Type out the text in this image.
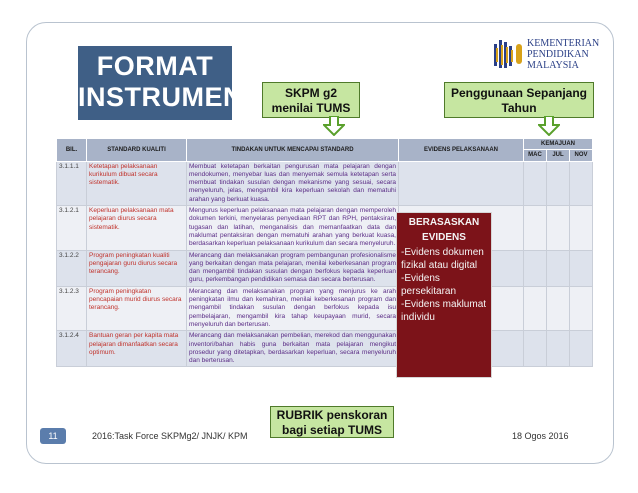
FORMAT
INSTRUMEN
KEMENTERIAN
PENDIDIKAN
MALAYSIA
SKPM g2 menilai TUMS
Penggunaan Sepanjang Tahun
BIL.	STANDARD KUALITI	TINDAKAN UNTUK MENCAPAI STANDARD	EVIDENS PELAKSANAAN	KEMAJUAN		
				MAC	JUL	NOV
3.1.1.1	Ketetapan pelaksanaan kurikulum dibuat secara sistematik.	Membuat ketetapan berkaitan pengurusan mata pelajaran dengan mendokumen, menyebar luas dan menyemak semula ketetapan serta membuat tindakan susulan dengan mekanisme yang sesuai, secara menyeluruh, jelas, mengambil kira keperluan sekolah dan mematuhi arahan yang berkuat kuasa.				
3.1.2.1	Keperluan pelaksanaan mata pelajaran diurus secara sistematik.	Mengurus keperluan pelaksanaan mata pelajaran dengan memperoleh dokumen terkini, menyelaras penyediaan RPT dan RPH, pentaksiran, tugasan dan latihan, menganalisis dan memanfaatkan data dan maklumat pentaksiran dengan mematuhi arahan yang berkuat kuasa, berdasarkan keperluan pelaksanaan kurikulum dan secara menyeluruh.				
3.1.2.2	Program peningkatan kualiti pengajaran guru diurus secara terancang.	Merancang dan melaksanakan program pembangunan profesionalisme yang berkaitan dengan mata pelajaran, menilai keberkesanan program dan mengambil tindakan susulan dengan berfokus kepada keperluan guru, perkembangan pendidikan semasa dan secara berterusan.				
3.1.2.3	Program peningkatan pencapaian murid diurus secara terancang.	Merancang dan melaksanakan program yang menjurus ke arah peningkatan ilmu dan kemahiran, menilai keberkesanan program dan mengambil tindakan susulan dengan berfokus kepada isu pembelajaran, mengambil kira tahap keupayaan murid, secara menyeluruh dan berterusan.				
3.1.2.4	Bantuan geran per kapita mata pelajaran dimanfaatkan secara optimum.	Merancang dan melaksanakan pembelian, merekod dan menggunakan inventori/bahan habis guna berkaitan mata pelajaran mengikut prosedur yang ditetapkan, berdasarkan keperluan, secara menyeluruh dan berterusan.				
BERASASKAN
EVIDENS

-Evidens dokumen fizikal atau digital

-Evidens persekitaran

-Evidens maklumat individu

RUBRIK penskoran bagi setiap TUMS
11	2016:Task Force SKPMg2/ JNJK/ KPM	18 Ogos 2016
